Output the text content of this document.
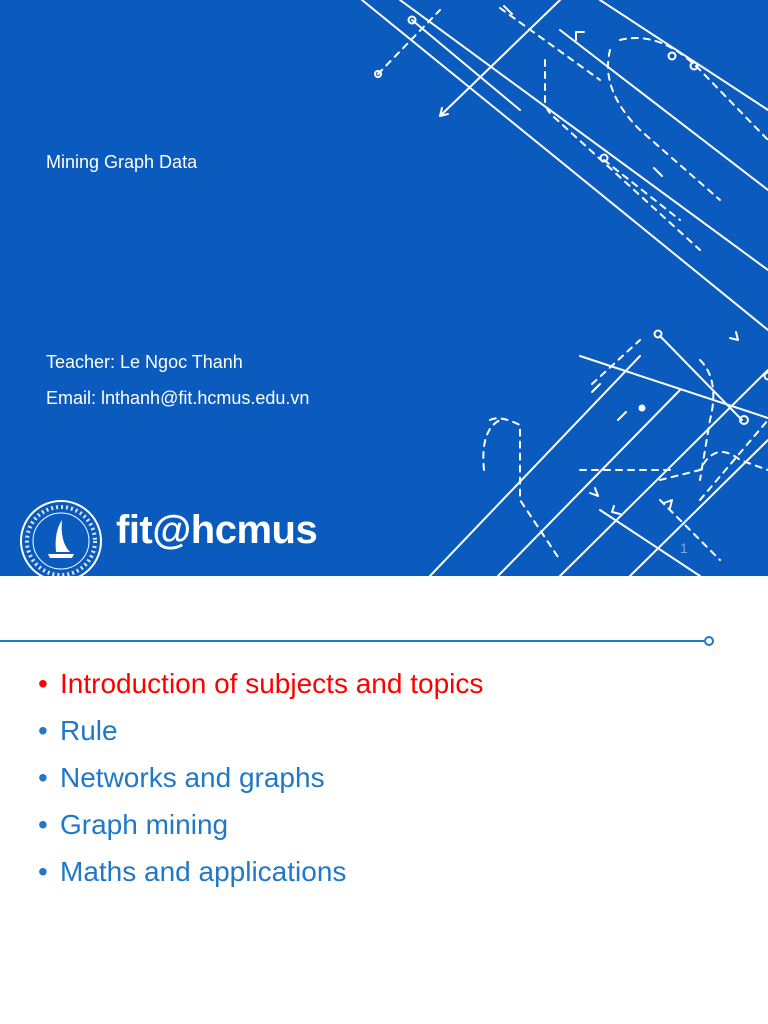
Mining Graph Data
Teacher: Le Ngoc Thanh
Email: lnthanh@fit.hcmus.edu.vn
fit@hcmus	1
• Introduction of subjects and topics
• Rule
• Networks and graphs
• Graph mining
• Maths and applications
